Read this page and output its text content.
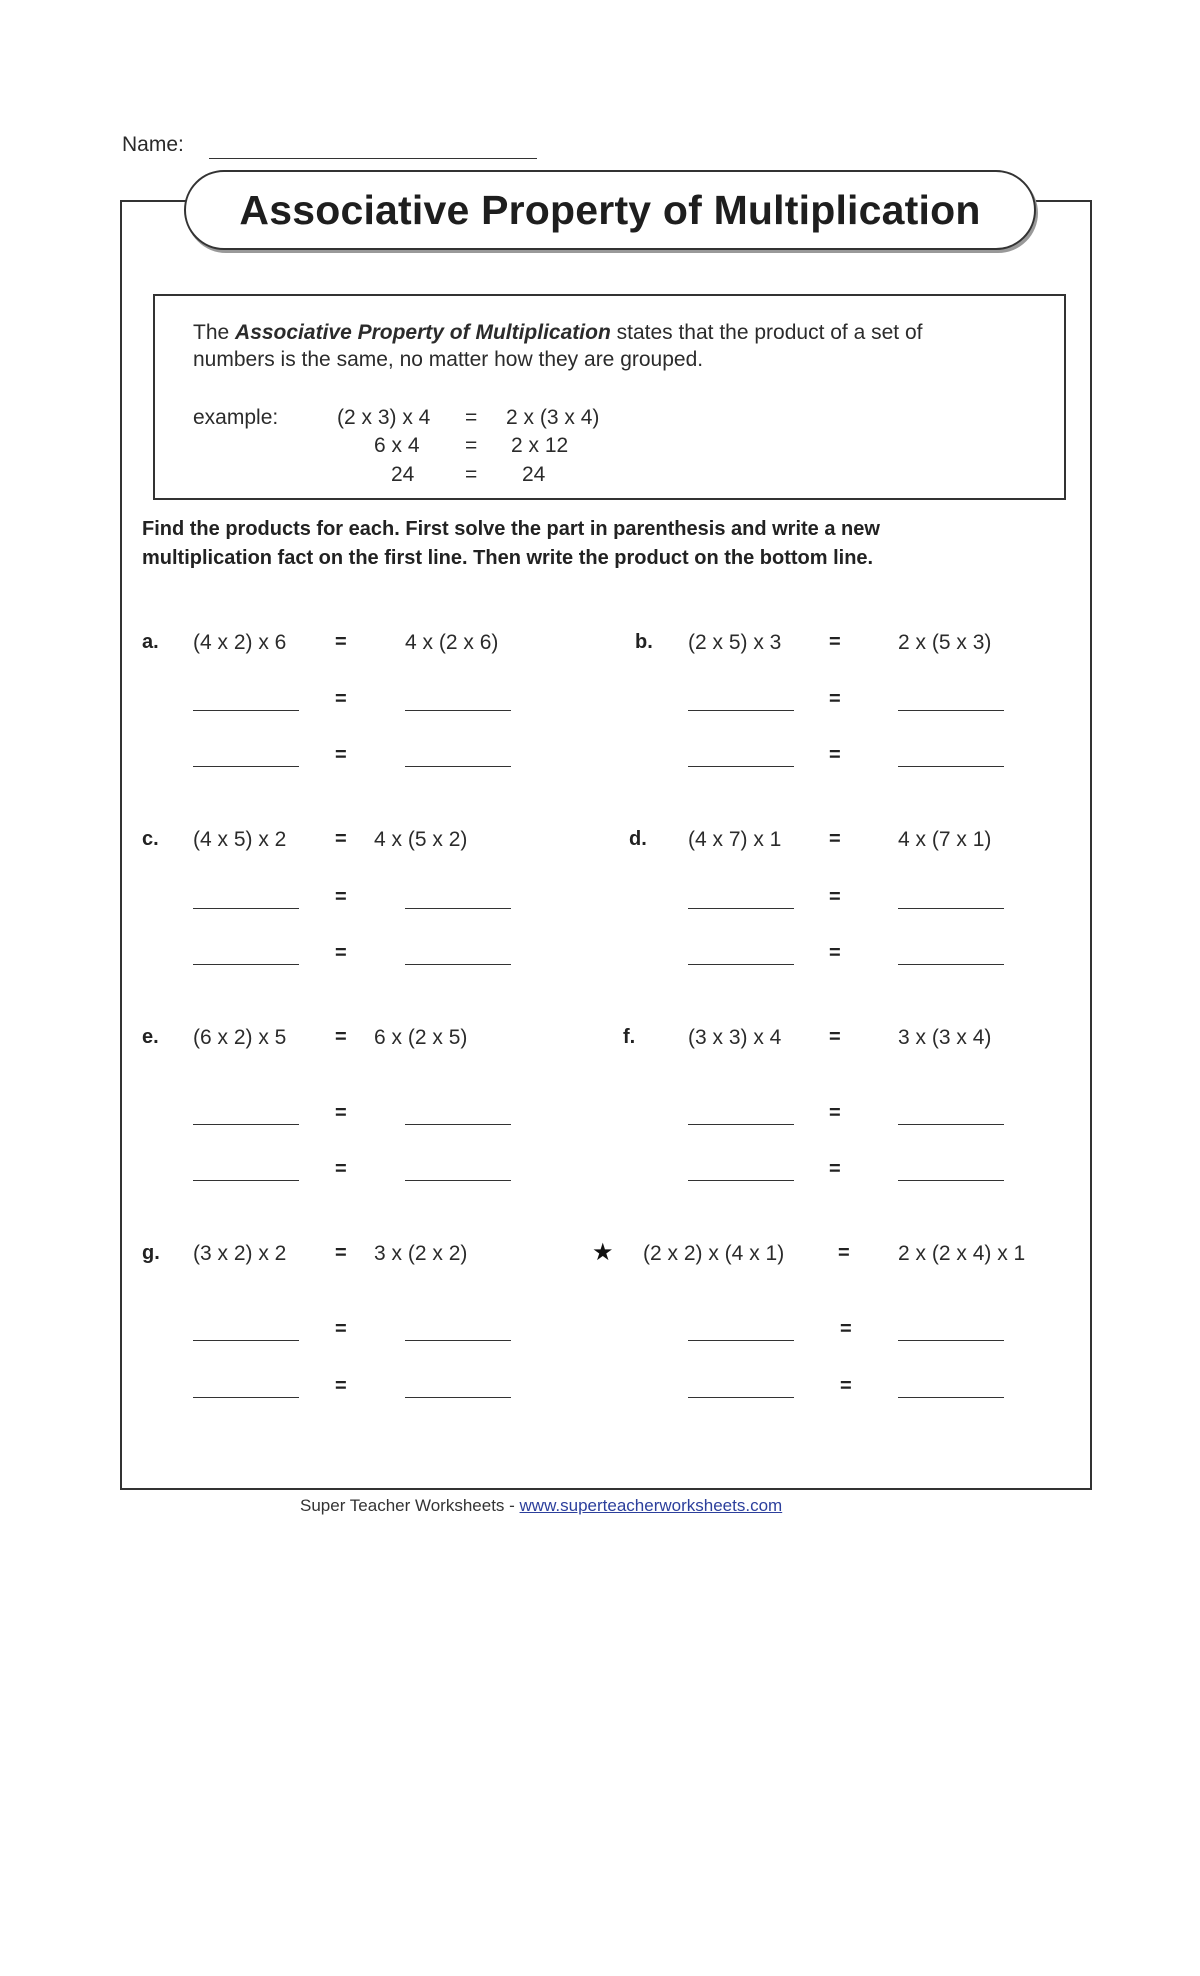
Name:
Associative Property of Multiplication
The Associative Property of Multiplication states that the product of a set of
numbers is the same, no matter how they are grouped.
example:	(2 x 3) x 4 = 2 x (3 x 4)
6 x 4 = 2 x 12
24 = 24
Find the products for each. First solve the part in parenthesis and write a new
multiplication fact on the first line. Then write the product on the bottom line.
a. (4 x 2) x 6 =	4 x (2 x 6)
=
=
b. (2 x 5) x 3 =	2 x (5 x 3)
=
=
c. (4 x 5) x 2 = 4 x (5 x 2)
=
=
d. (4 x 7) x 1 =	4 x (7 x 1)
=
=
e. (6 x 2) x 5 = 6 x (2 x 5)
=
=
f.	(3 x 3) x 4 =	3 x (3 x 4)
=
=
g. (3 x 2) x 2 = 3 x (2 x 2)
=
=
★ (2 x 2) x (4 x 1)	= 2 x (2 x 4) x 1
=
=
Super Teacher Worksheets - www.superteacherworksheets.com
